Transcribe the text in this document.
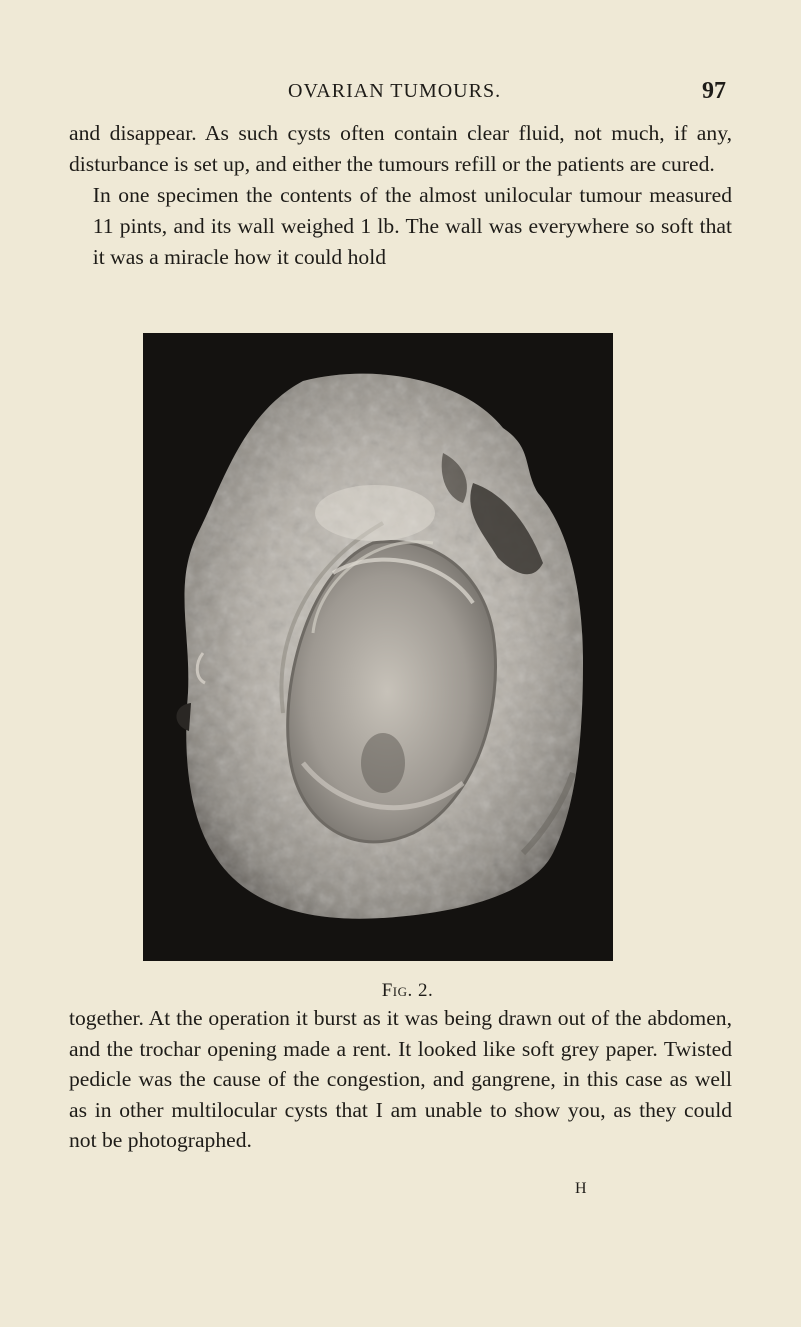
OVARIAN TUMOURS.	97
and disappear. As such cysts often contain clear fluid, not much, if any, disturbance is set up, and either the tumours refill or the patients are cured.
In one specimen the contents of the almost unilocular tumour measured 11 pints, and its wall weighed 1 lb. The wall was everywhere so soft that it was a miracle how it could hold
Fig. 2.
together. At the operation it burst as it was being drawn out of the abdomen, and the trochar opening made a rent. It looked like soft grey paper. Twisted pedicle was the cause of the congestion, and gangrene, in this case as well as in other multilocular cysts that I am unable to show you, as they could not be photographed.
H
